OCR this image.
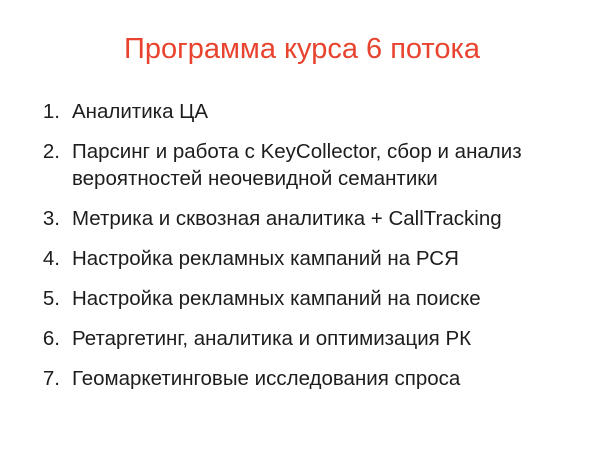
Программа курса 6 потока
1. Аналитика ЦА
2. Парсинг и работа с KeyCollector, сбор и анализ вероятностей неочевидной семантики
3. Метрика и сквозная аналитика + CallTracking
4. Настройка рекламных кампаний на РСЯ
5. Настройка рекламных кампаний на поиске
6. Ретаргетинг, аналитика и оптимизация РК
7. Геомаркетинговые исследования спроса
